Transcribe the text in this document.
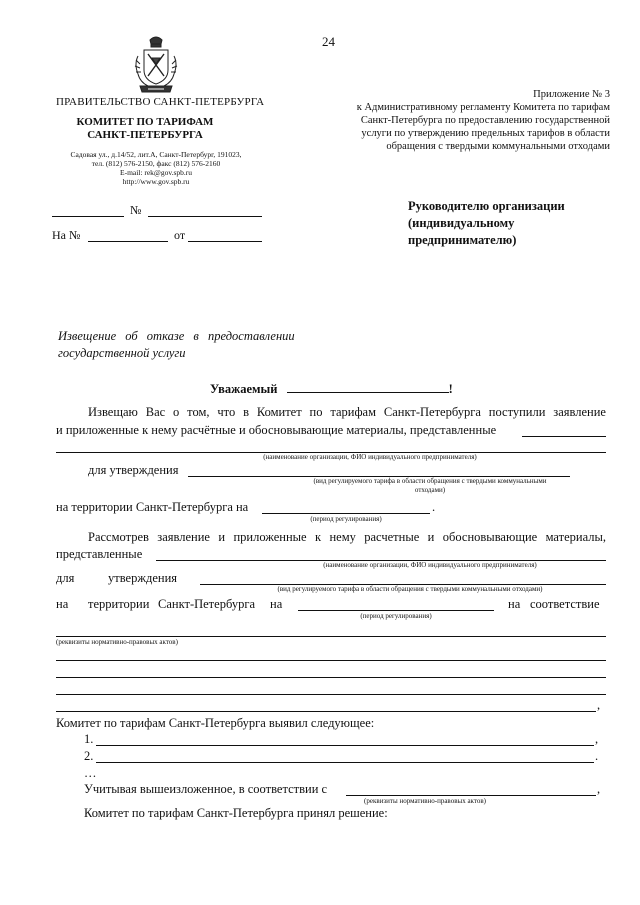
24
Приложение № 3
к Административному регламенту Комитета по тарифам
Санкт-Петербурга по предоставлению государственной
услуги по утверждению предельных тарифов в области
обращения с твердыми коммунальными отходами
ПРАВИТЕЛЬСТВО САНКТ-ПЕТЕРБУРГА
КОМИТЕТ ПО ТАРИФАМ
САНКТ-ПЕТЕРБУРГА
Садовая ул., д.14/52, лит.А, Санкт-Петербург, 191023,
тел. (812) 576-2150, факс (812) 576-2160
E-mail: rek@gov.spb.ru
http://www.gov.spb.ru
№
На №	от
Руководителю организации
(индивидуальному
предпринимателю)
Извещение об отказе в предоставлении
государственной услуги
Уважаемый	!
Извещаю Вас о том, что в Комитет по тарифам Санкт-Петербурга поступили заявление
и приложенные к нему расчётные и обосновывающие материалы, представленные
(наименование организации, ФИО индивидуального предпринимателя)
для утверждения
(вид регулируемого тарифа в области обращения с твердыми коммунальными
отходами)
на территории Санкт-Петербурга на	.
(период регулирования)
Рассмотрев заявление и приложенные к нему расчетные и обосновывающие материалы,
представленные
(наименование организации, ФИО индивидуального предпринимателя)
для	утверждения
(вид регулируемого тарифа в области обращения с твердыми коммунальными отходами)
на территории Санкт-Петербурга на	на соответствие
(период регулирования)
(реквизиты нормативно-правовых актов)
,
Комитет по тарифам Санкт-Петербурга выявил следующее:
1.	,
2.	.
…
Учитывая вышеизложенное, в соответствии с	,
(реквизиты нормативно-правовых актов)
Комитет по тарифам Санкт-Петербурга принял решение:
